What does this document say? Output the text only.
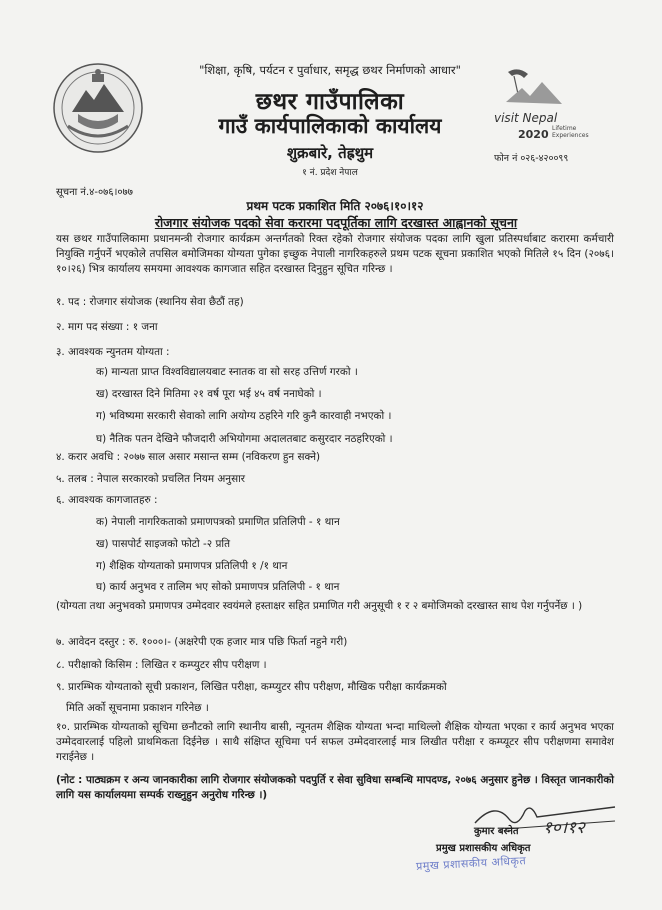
"शिक्षा, कृषि, पर्यटन र पुर्वाधार, समृद्ध छथर निर्माणको आधार"
छथर गाउँपालिका
गाउँ कार्यपालिकाको कार्यालय
शुक्रबारे, तेह्रथुम
१ नं. प्रदेश नेपाल
visit Nepal
2020 Lifetime
Experiences
फोन नं ०२६-४२००९९
सूचना नं.४-०७६।०७७
प्रथम पटक प्रकाशित मिति २०७६।१०।१२
रोजगार संयोजक पदको सेवा करारमा पदपूर्तिका लागि दरखास्त आह्वानको सूचना
यस छथर गाउँपालिकामा प्रधानमन्त्री रोजगार कार्यक्रम अन्तर्गतको रिक्त रहेको रोजगार संयोजक पदका लागि खुला प्रतिस्पर्धाबाट करारमा कर्मचारी नियुक्ति गर्नुपर्ने भएकोले तपसिल बमोजिमका योग्यता पुगेका इच्छुक नेपाली नागरिकहरुले प्रथम पटक सूचना प्रकाशित भएको मितिले १५ दिन (२०७६।१०।२६) भित्र कार्यालय समयमा आवश्यक कागजात सहित दरखास्त दिनुहुन सूचित गरिन्छ ।
१. पद : रोजगार संयोजक (स्थानिय सेवा छैठौं तह)
२. माग पद संख्या : १ जना
३. आवश्यक न्युनतम योग्यता :
क) मान्यता प्राप्त विश्वविद्यालयबाट स्नातक वा सो सरह उत्तिर्ण गरको ।
ख) दरखास्त दिने मितिमा २१ वर्ष पूरा भई ४५ वर्ष ननाघेको ।
ग) भविष्यमा सरकारी सेवाको लागि अयोग्य ठहरिने गरि कुनै कारवाही नभएको ।
घ) नैतिक पतन देखिने फौजदारी अभियोगमा अदालतबाट कसुरदार नठहरिएको ।
४. करार अवधि : २०७७ साल असार मसान्त सम्म (नविकरण हुन सक्ने)
५. तलब : नेपाल सरकारको प्रचलित नियम अनुसार
६. आवश्यक कागजातहरु :
क) नेपाली नागरिकताको प्रमाणपत्रको प्रमाणित प्रतिलिपी - १ थान
ख) पासपोर्ट साइजको फोटो -२ प्रति
ग) शैक्षिक योग्यताको प्रमाणपत्र प्रतिलिपी १ /१ थान
घ) कार्य अनुभव र तालिम भए सोको प्रमाणपत्र प्रतिलिपी - १ थान
(योग्यता तथा अनुभवको प्रमाणपत्र उम्मेदवार स्वयंमले हस्ताक्षर सहित प्रमाणित गरी अनुसूची १ र २ बमोजिमको दरखास्त साथ पेश गर्नुपर्नेछ । )
७. आवेदन दस्तुर : रु. १०००।- (अक्षरेपी एक हजार मात्र पछि फिर्ता नहुने गरी)
८. परीक्षाको किसिम : लिखित र कम्प्युटर सीप परीक्षण ।
९. प्रारम्भिक योग्यताको सूची प्रकाशन, लिखित परीक्षा, कम्प्युटर सीप परीक्षण, मौखिक परीक्षा कार्यक्रमको
मिति अर्को सूचनामा प्रकाशन गरिनेछ ।
१०. प्रारम्भिक योग्यताको सूचिमा छनौटको लागि स्थानीय बासी, न्यूनतम शैक्षिक योग्यता भन्दा माथिल्लो शैक्षिक योग्यता भएका र कार्य अनुभव भएका उम्मेदवारलाई पहिलो प्राथमिकता दिईनेछ । साथै संक्षिप्त सूचिमा पर्न सफल उम्मेदवारलाई मात्र लिखीत परीक्षा र कम्प्यूटर सीप परीक्षणमा समावेश गराईनेछ ।
(नोट : पाठ्यक्रम र अन्य जानकारीका लागि रोजगार संयोजकको पदपुर्ति र सेवा सुविधा सम्बन्धि मापदण्ड, २०७६ अनुसार हुनेछ । विस्तृत जानकारीको लागि यस कार्यालयमा सम्पर्क राख्नुहुन अनुरोध गरिन्छ ।)
१०।१२
कुमार बस्नेत
प्रमुख प्रशासकीय अधिकृत
प्रमुख प्रशासकीय अधिकृत
